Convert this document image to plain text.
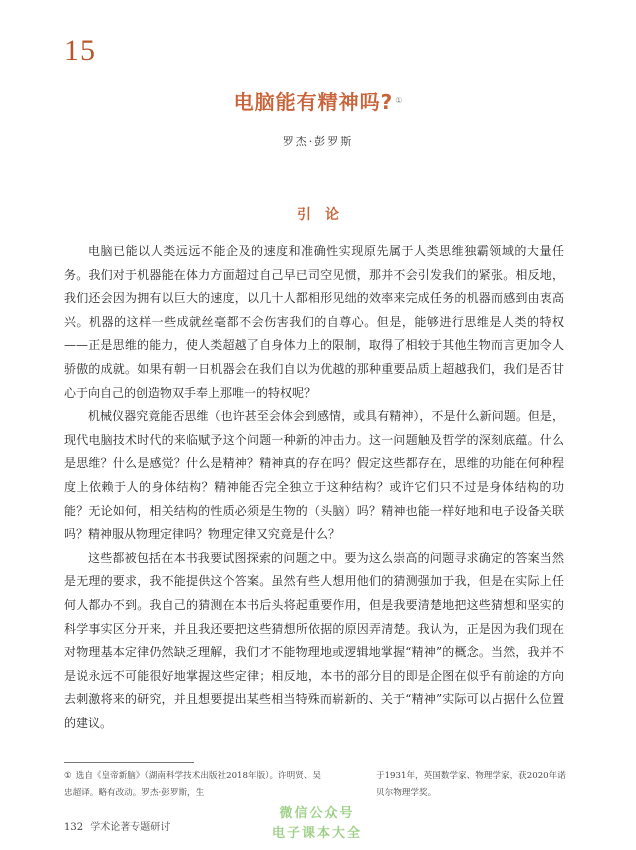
15
电脑能有精神吗? ①
罗杰·彭罗斯
引论

电脑已能以人类远远不能企及的速度和准确性实现原先属于人类思维独霸领域的大量任务。我们对于机器能在体力方面超过自己早已司空见惯，那并不会引发我们的紧张。相反地，我们还会因为拥有以巨大的速度，以几十人都相形见绌的效率来完成任务的机器而感到由衷高兴。机器的这样一些成就丝毫都不会伤害我们的自尊心。但是，能够进行思维是人类的特权——正是思维的能力，使人类超越了自身体力上的限制，取得了相较于其他生物而言更加令人骄傲的成就。如果有朝一日机器会在我们自以为优越的那种重要品质上超越我们，我们是否甘心于向自己的创造物双手奉上那唯一的特权呢？

机械仪器究竟能否思维（也许甚至会体会到感情，或具有精神），不是什么新问题。但是，现代电脑技术时代的来临赋予这个问题一种新的冲击力。这一问题触及哲学的深刻底蕴。什么是思维？什么是感觉？什么是精神？精神真的存在吗？假定这些都存在，思维的功能在何种程度上依赖于人的身体结构？精神能否完全独立于这种结构？或许它们只不过是身体结构的功能？无论如何，相关结构的性质必须是生物的（头脑）吗？精神也能一样好地和电子设备关联吗？精神服从物理定律吗？物理定律又究竟是什么？

这些都被包括在本书我要试图探索的问题之中。要为这么崇高的问题寻求确定的答案当然是无理的要求，我不能提供这个答案。虽然有些人想用他们的猜测强加于我，但是在实际上任何人都办不到。我自己的猜测在本书后头将起重要作用，但是我要清楚地把这些猜想和坚实的科学事实区分开来，并且我还要把这些猜想所依据的原因弄清楚。我认为，正是因为我们现在对物理基本定律仍然缺乏理解，我们才不能物理地或逻辑地掌握“精神”的概念。当然，我并不是说永远不可能很好地掌握这些定律；相反地，本书的部分目的即是企图在似乎有前途的方向去刺激将来的研究，并且想要提出某些相当特殊而崭新的、关于“精神”实际可以占据什么位置的建议。

① 选自《皇帝新脑》（湖南科学技术出版社2018年版）。许明贤、吴忠超译。略有改动。罗杰·彭罗斯，生
于1931年，英国数学家、物理学家，获2020年诺贝尔物理学奖。
132 学术论著专题研讨
微信公众号
电子课本大全
